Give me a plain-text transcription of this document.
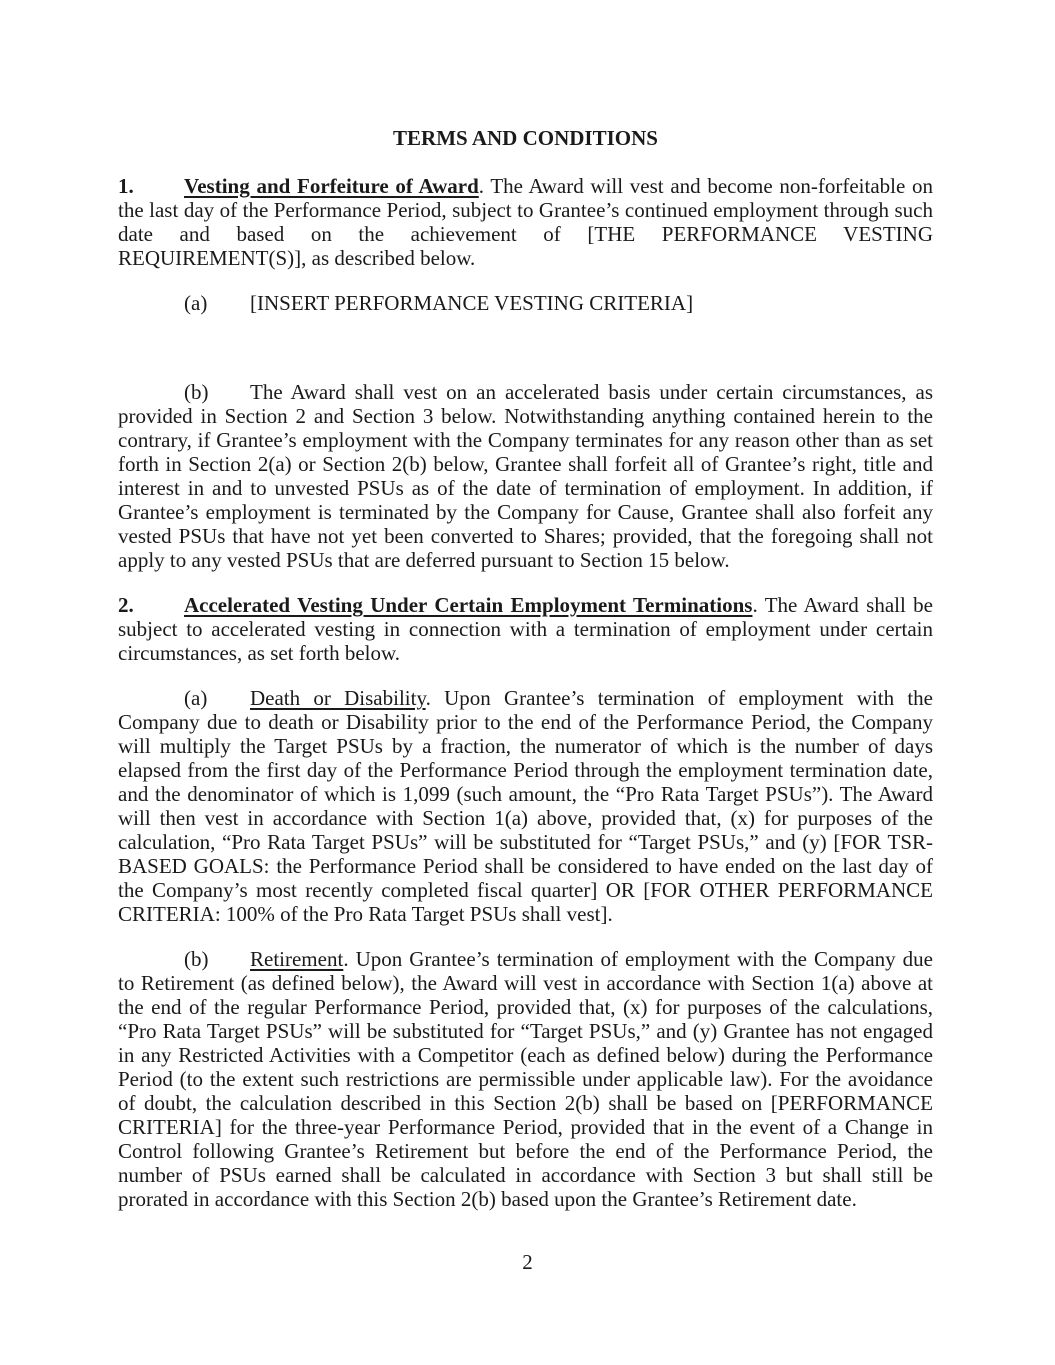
TERMS AND CONDITIONS

1. Vesting and Forfeiture of Award. The Award will vest and become non-forfeitable on the last day of the Performance Period, subject to Grantee’s continued employment through such date and based on the achievement of [THE PERFORMANCE VESTING REQUIREMENT(S)], as described below.

(a) [INSERT PERFORMANCE VESTING CRITERIA]

(b) The Award shall vest on an accelerated basis under certain circumstances, as provided in Section 2 and Section 3 below. Notwithstanding anything contained herein to the contrary, if Grantee’s employment with the Company terminates for any reason other than as set forth in Section 2(a) or Section 2(b) below, Grantee shall forfeit all of Grantee’s right, title and interest in and to unvested PSUs as of the date of termination of employment. In addition, if Grantee’s employment is terminated by the Company for Cause, Grantee shall also forfeit any vested PSUs that have not yet been converted to Shares; provided, that the foregoing shall not apply to any vested PSUs that are deferred pursuant to Section 15 below.

2. Accelerated Vesting Under Certain Employment Terminations. The Award shall be subject to accelerated vesting in connection with a termination of employment under certain circumstances, as set forth below.

(a) Death or Disability. Upon Grantee’s termination of employment with the Company due to death or Disability prior to the end of the Performance Period, the Company will multiply the Target PSUs by a fraction, the numerator of which is the number of days elapsed from the first day of the Performance Period through the employment termination date, and the denominator of which is 1,099 (such amount, the “Pro Rata Target PSUs”). The Award will then vest in accordance with Section 1(a) above, provided that, (x) for purposes of the calculation, “Pro Rata Target PSUs” will be substituted for “Target PSUs,” and (y) [FOR TSR-BASED GOALS: the Performance Period shall be considered to have ended on the last day of the Company’s most recently completed fiscal quarter] OR [FOR OTHER PERFORMANCE CRITERIA: 100% of the Pro Rata Target PSUs shall vest].

(b) Retirement. Upon Grantee’s termination of employment with the Company due to Retirement (as defined below), the Award will vest in accordance with Section 1(a) above at the end of the regular Performance Period, provided that, (x) for purposes of the calculations, “Pro Rata Target PSUs” will be substituted for “Target PSUs,” and (y) Grantee has not engaged in any Restricted Activities with a Competitor (each as defined below) during the Performance Period (to the extent such restrictions are permissible under applicable law). For the avoidance of doubt, the calculation described in this Section 2(b) shall be based on [PERFORMANCE CRITERIA] for the three-year Performance Period, provided that in the event of a Change in Control following Grantee’s Retirement but before the end of the Performance Period, the number of PSUs earned shall be calculated in accordance with Section 3 but shall still be prorated in accordance with this Section 2(b) based upon the Grantee’s Retirement date.

2
